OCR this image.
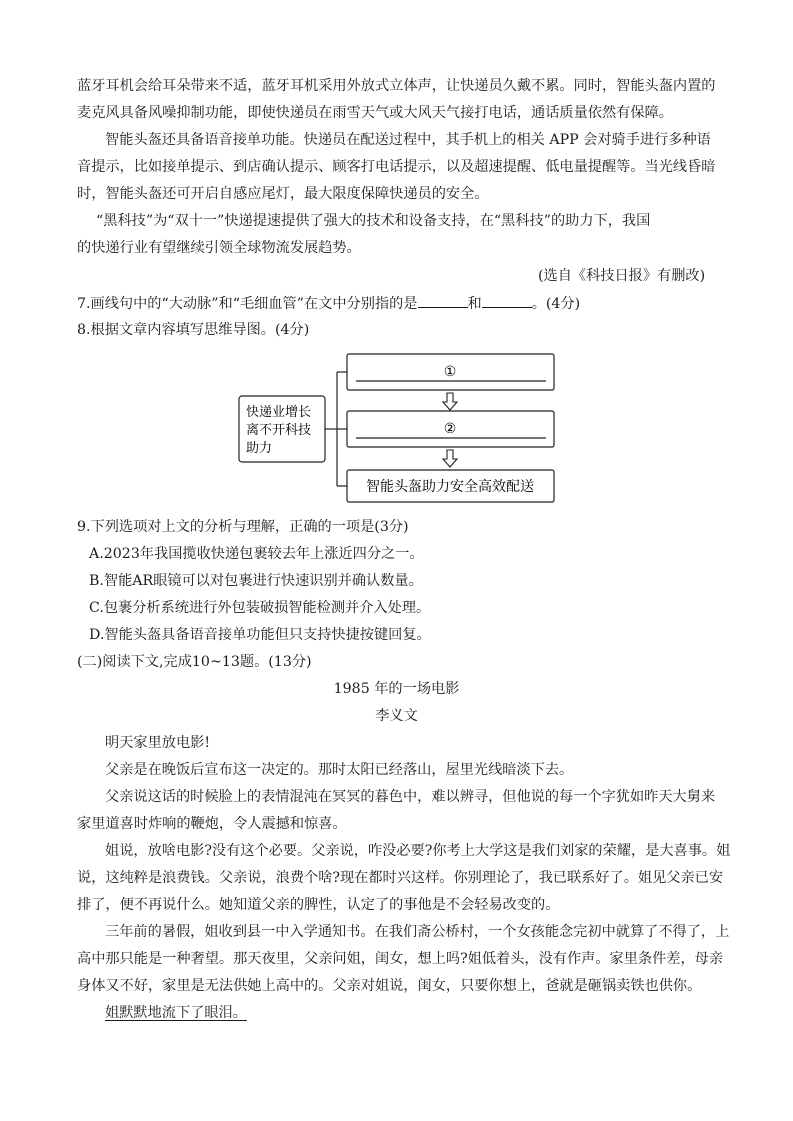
蓝牙耳机会给耳朵带来不适，蓝牙耳机采用外放式立体声，让快递员久戴不累。同时，智能头盔内置的
麦克风具备风噪抑制功能，即使快递员在雨雪天气或大风天气接打电话，通话质量依然有保障。
智能头盔还具备语音接单功能。快递员在配送过程中，其手机上的相关 APP 会对骑手进行多种语
音提示，比如接单提示、到店确认提示、顾客打电话提示，以及超速提醒、低电量提醒等。当光线昏暗
时，智能头盔还可开启自感应尾灯，最大限度保障快递员的安全。
“黑科技”为“双十一”快递提速提供了强大的技术和设备支持，在“黑科技”的助力下，我国
的快递行业有望继续引领全球物流发展趋势。
(选自《科技日报》有删改)
7.画线句中的“大动脉”和“毛细血管”在文中分别指的是	和	。(4分)
8.根据文章内容填写思维导图。(4分)
快递业增长
离不开科技
助力
①
②
智能头盔助力安全高效配送
9.下列选项对上文的分析与理解，正确的一项是(3分)
A.2023年我国揽收快递包裹较去年上涨近四分之一。
B.智能AR眼镜可以对包裹进行快速识别并确认数量。
C.包裹分析系统进行外包装破损智能检测并介入处理。
D.智能头盔具备语音接单功能但只支持快捷按键回复。
(二)阅读下文,完成10~13题。(13分)
1985 年的一场电影
李义文
明天家里放电影!
父亲是在晚饭后宣布这一决定的。那时太阳已经落山，屋里光线暗淡下去。
父亲说这话的时候脸上的表情混沌在冥冥的暮色中，难以辨寻，但他说的每一个字犹如昨天大舅来
家里道喜时炸响的鞭炮，令人震撼和惊喜。
姐说，放啥电影?没有这个必要。父亲说，咋没必要?你考上大学这是我们刘家的荣耀，是大喜事。姐
说，这纯粹是浪费钱。父亲说，浪费个啥?现在都时兴这样。你别理论了，我已联系好了。姐见父亲已安
排了，便不再说什么。她知道父亲的脾性，认定了的事他是不会轻易改变的。
三年前的暑假，姐收到县一中入学通知书。在我们斋公桥村，一个女孩能念完初中就算了不得了，上
高中那只能是一种奢望。那天夜里，父亲问姐，闺女，想上吗?姐低着头，没有作声。家里条件差，母亲
身体又不好，家里是无法供她上高中的。父亲对姐说，闺女，只要你想上，爸就是砸锅卖铁也供你。
姐默默地流下了眼泪。
